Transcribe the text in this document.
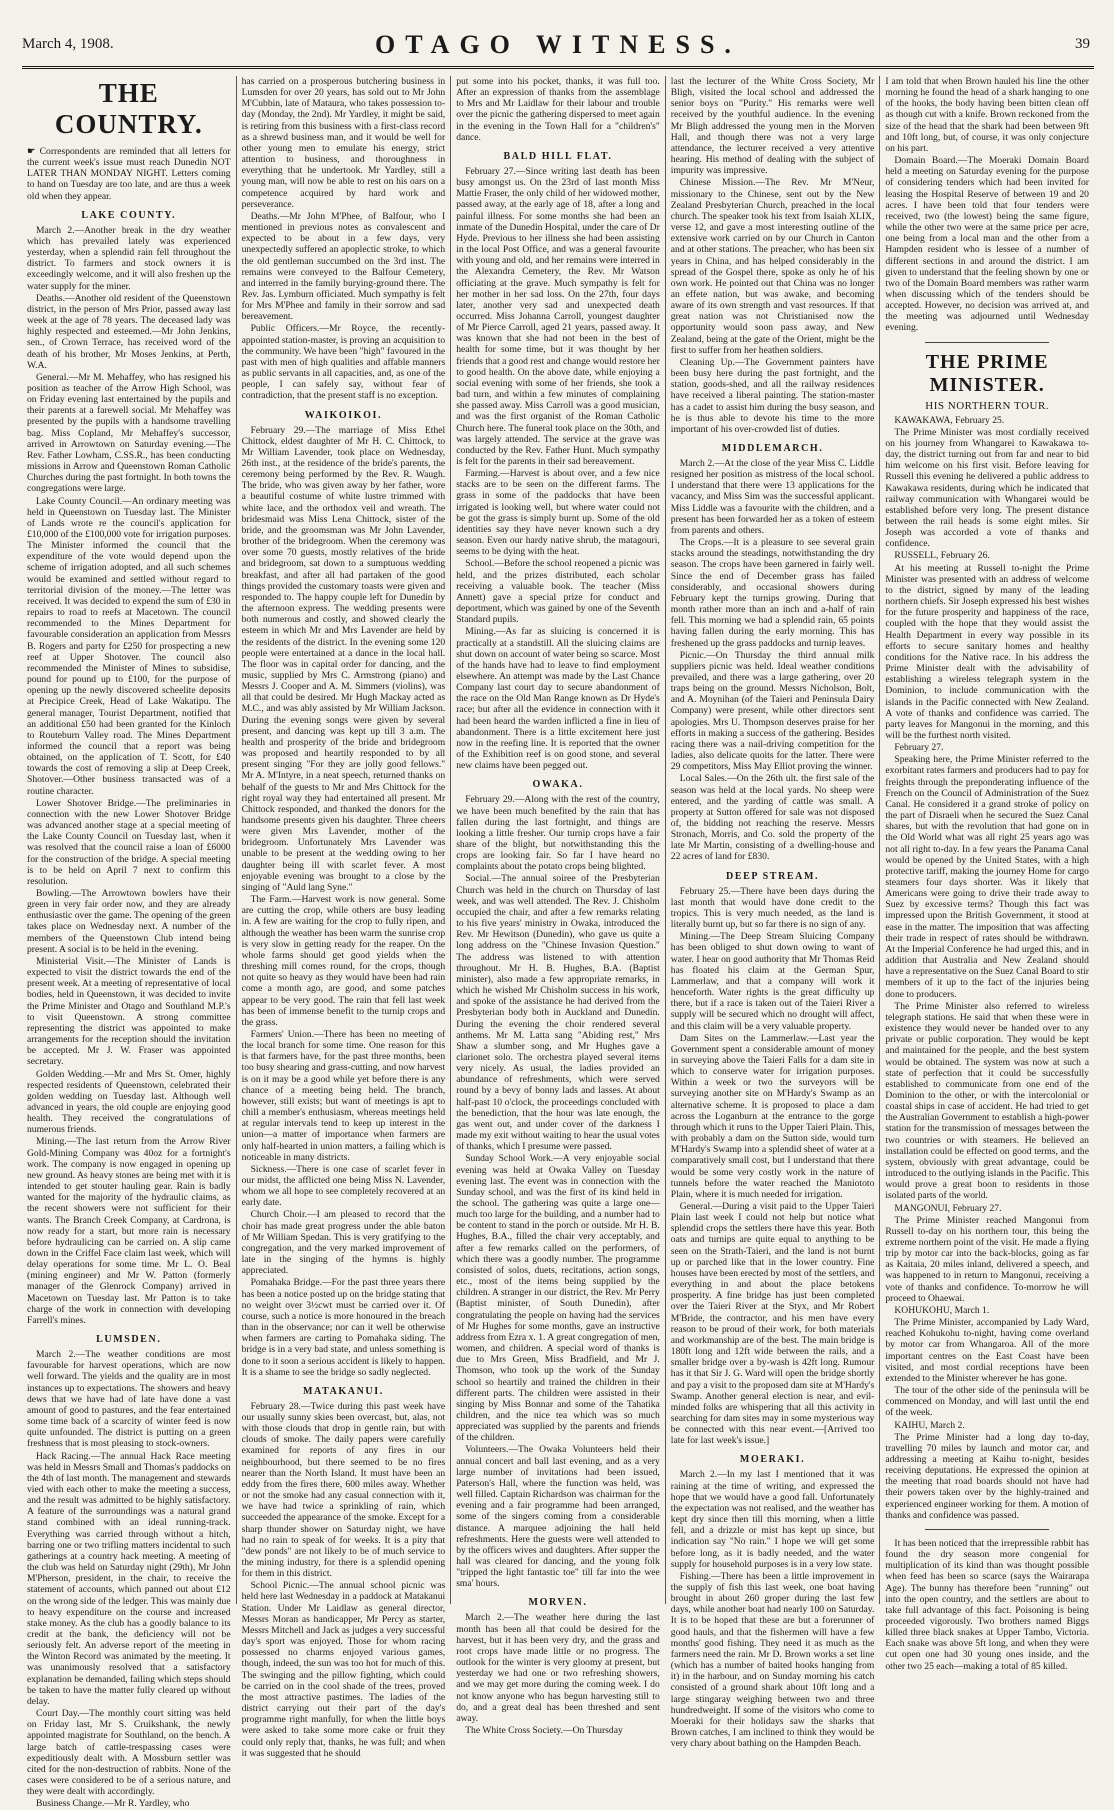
March 4, 1908.	OTAGO WITNESS.	39
THE COUNTRY.

☛ Correspondents are reminded that all letters for the current week's issue must reach Dunedin NOT LATER THAN MONDAY NIGHT. Letters coming to hand on Tuesday are too late, and are thus a week old when they appear.

LAKE COUNTY.

March 2.—Another break in the dry weather which has prevailed lately was experienced yesterday, when a splendid rain fell throughout the district. To farmers and stock owners it is exceedingly welcome, and it will also freshen up the water supply for the miner.

Deaths.—Another old resident of the Queenstown district, in the person of Mrs Prior, passed away last week at the age of 78 years. The deceased lady was highly respected and esteemed.—Mr John Jenkins, sen., of Crown Terrace, has received word of the death of his brother, Mr Moses Jenkins, at Perth, W.A.

General.—Mr M. Mehaffey, who has resigned his position as teacher of the Arrow High School, was on Friday evening last entertained by the pupils and their parents at a farewell social. Mr Mehaffey was presented by the pupils with a handsome travelling bag. Miss Copland, Mr Mehaffey's successor, arrived in Arrowtown on Saturday evening.—The Rev. Father Lowham, C.SS.R., has been conducting missions in Arrow and Queenstown Roman Catholic Churches during the past fortnight. In both towns the congregations were large.

Lake County Council.—An ordinary meeting was held in Queenstown on Tuesday last. The Minister of Lands wrote re the council's application for £10,000 of the £100,000 vote for irrigation purposes. The Minister informed the council that the expenditure of the vote would depend upon the scheme of irrigation adopted, and all such schemes would be examined and settled without regard to territorial division of the money.—The letter was received. It was decided to expend the sum of £30 in repairs to road to reefs at Macetown. The council recommended to the Mines Department for favourable consideration an application from Messrs B. Rogers and party for £250 for prospecting a new reef at Upper Shotover. The council also recommended the Minister of Mines to subsidise, pound for pound up to £100, for the purpose of opening up the newly discovered scheelite deposits at Precipice Creek, Head of Lake Wakatipu. The general manager, Tourist Department, notified that an additional £50 had been granted for the Kinloch to Routeburn Valley road. The Mines Department informed the council that a report was being obtained, on the application of T. Scott, for £40 towards the cost of removing a slip at Deep Creek, Shotover.—Other business transacted was of a routine character.

Lower Shotover Bridge.—The preliminaries in connection with the new Lower Shotover Bridge was advanced another stage at a special meeting of the Lake County Council on Tuesday last, when it was resolved that the council raise a loan of £6000 for the construction of the bridge. A special meeting is to be held on April 7 next to confirm this resolution.

Bowling.—The Arrowtown bowlers have their green in very fair order now, and they are already enthusiastic over the game. The opening of the green takes place on Wednesday next. A number of the members of the Queenstown Club intend being present. A social is to be held in the evening.

Ministerial Visit.—The Minister of Lands is expected to visit the district towards the end of the present week. At a meeting of representative of local bodies, held in Queenstown, it was decided to invite the Prime Minister and Otago and Southland M.P.'s to visit Queenstown. A strong committee representing the district was appointed to make arrangements for the reception should the invitation be accepted. Mr J. W. Fraser was appointed secretary.

Golden Wedding.—Mr and Mrs St. Omer, highly respected residents of Queenstown, celebrated their golden wedding on Tuesday last. Although well advanced in years, the old couple are enjoying good health. They received the congratulations of numerous friends.

Mining.—The last return from the Arrow River Gold-Mining Company was 40oz for a fortnight's work. The company is now engaged in opening up new ground. As heavy stones are being met with it is intended to get stouter hauling gear. Rain is badly wanted for the majority of the hydraulic claims, as the recent showers were not sufficient for their wants. The Branch Creek Company, at Cardrona, is now ready for a start, but more rain is necessary before hydraulicing can be carried on. A slip came down in the Criffel Face claim last week, which will delay operations for some time. Mr L. O. Beal (mining engineer) and Mr W. Patton (formerly manager of the Glenrock Company) arrived in Macetown on Tuesday last. Mr Patton is to take charge of the work in connection with developing Farrell's mines.

LUMSDEN.

March 2.—The weather conditions are most favourable for harvest operations, which are now well forward. The yields and the quality are in most instances up to expectations. The showers and heavy dews that we have had of late have done a vast amount of good to pastures, and the fear entertained some time back of a scarcity of winter feed is now quite unfounded. The district is putting on a green freshness that is most pleasing to stock-owners.

Hack Racing.—The annual Hack Race meeting was held in Messrs Small and Thomas's paddocks on the 4th of last month. The management and stewards vied with each other to make the meeting a success, and the result was admitted to be highly satisfactory. A feature of the surroundings was a natural grand stand combined with an ideal running-track. Everything was carried through without a hitch, barring one or two trifling matters incidental to such gatherings at a country hack meeting. A meeting of the club was held on Saturday night (29th), Mr John M'Pherson, president, in the chair, to receive the statement of accounts, which panned out about £12 on the wrong side of the ledger. This was mainly due to heavy expenditure on the course and increased stake money. As the club has a goodly balance to its credit at the bank, the deficiency will not be seriously felt. An adverse report of the meeting in the Winton Record was animated by the meeting. It was unanimously resolved that a satisfactory explanation be demanded, failing which steps should be taken to have the matter fully cleared up without delay.

Court Day.—The monthly court sitting was held on Friday last, Mr S. Cruikshank, the newly appointed magistrate for Southland, on the bench. A large batch of cattle-trespassing cases were expeditiously dealt with. A Mossburn settler was cited for the non-destruction of rabbits. None of the cases were considered to be of a serious nature, and they were dealt with accordingly.

Business Change.—Mr R. Yardley, who

has carried on a prosperous butchering business in Lumsden for over 20 years, has sold out to Mr John M'Cubbin, late of Mataura, who takes possession to-day (Monday, the 2nd). Mr Yardley, it might be said, is retiring from this business with a first-class record as a shrewd business man, and it would be well for other young men to emulate his energy, strict attention to business, and thoroughness in everything that he undertook. Mr Yardley, still a young man, will now be able to rest on his oars on a competence acquired by hard work and perseverance.

Deaths.—Mr John M'Phee, of Balfour, who I mentioned in previous notes as convalescent and expected to be about in a few days, very unexpectedly suffered an apoplectic stroke, to which the old gentleman succumbed on the 3rd inst. The remains were conveyed to the Balfour Cemetery, and interred in the family burying-ground there. The Rev. Jas. Lymburn officiated. Much sympathy is felt for Mrs M'Phee and family in their sorrow and sad bereavement.

Public Officers.—Mr Royce, the recently-appointed station-master, is proving an acquisition to the community. We have been "high" favoured in the past with men of high qualities and affable manners as public servants in all capacities, and, as one of the people, I can safely say, without fear of contradiction, that the present staff is no exception.

WAIKOIKOI.

February 29.—The marriage of Miss Ethel Chittock, eldest daughter of Mr H. C. Chittock, to Mr William Lavender, took place on Wednesday, 26th inst., at the residence of the bride's parents, the ceremony being performed by the Rev. R. Waugh. The bride, who was given away by her father, wore a beautiful costume of white lustre trimmed with white lace, and the orthodox veil and wreath. The bridesmaid was Miss Lena Chittock, sister of the bride, and the groomsman was Mr John Lavender, brother of the bridegroom. When the ceremony was over some 70 guests, mostly relatives of the bride and bridegroom, sat down to a sumptuous wedding breakfast, and after all had partaken of the good things provided the customary toasts were given and responded to. The happy couple left for Dunedin by the afternoon express. The wedding presents were both numerous and costly, and showed clearly the esteem in which Mr and Mrs Lavender are held by the residents of the district. In the evening some 120 people were entertained at a dance in the local hall. The floor was in capital order for dancing, and the music, supplied by Mrs C. Armstrong (piano) and Messrs J. Cooper and A. M. Simmers (violins), was all that could be desired. Mr Hugh Mackay acted as M.C., and was ably assisted by Mr William Jackson. During the evening songs were given by several present, and dancing was kept up till 3 a.m. The health and prosperity of the bride and bridegroom was proposed and heartily responded to by all present singing "For they are jolly good fellows." Mr A. M'Intyre, in a neat speech, returned thanks on behalf of the guests to Mr and Mrs Chittock for the right royal way they had entertained all present. Mr Chittock responded, and thanked the donors for the handsome presents given his daughter. Three cheers were given Mrs Lavender, mother of the bridegroom. Unfortunately Mrs Lavender was unable to be present at the wedding owing to her daughter being ill with scarlet fever. A most enjoyable evening was brought to a close by the singing of "Auld lang Syne."

The Farm.—Harvest work is now general. Some are cutting the crop, while others are busy leading in. A few are waiting for the crop to fully ripen, and although the weather has been warm the sunrise crop is very slow in getting ready for the reaper. On the whole farms should get good yields when the threshing mill comes round, for the crops, though not quite so heavy as they would have been had rain come a month ago, are good, and some patches appear to be very good. The rain that fell last week has been of immense benefit to the turnip crops and the grass.

Farmers' Union.—There has been no meeting of the local branch for some time. One reason for this is that farmers have, for the past three months, been too busy shearing and grass-cutting, and now harvest is on it may be a good while yet before there is any chance of a meeting being held. The branch, however, still exists; but want of meetings is apt to chill a member's enthusiasm, whereas meetings held at regular intervals tend to keep up interest in the union—a matter of importance when farmers are only half-hearted in union matters, a failing which is noticeable in many districts.

Sickness.—There is one case of scarlet fever in our midst, the afflicted one being Miss N. Lavender, whom we all hope to see completely recovered at an early date.

Church Choir.—I am pleased to record that the choir has made great progress under the able baton of Mr William Spedan. This is very gratifying to the congregation, and the very marked improvement of late in the singing of the hymns is highly appreciated.

Pomahaka Bridge.—For the past three years there has been a notice posted up on the bridge stating that no weight over 3½cwt must be carried over it. Of course, such a notice is more honoured in the breach than in the observance; nor can it well be otherwise when farmers are carting to Pomahaka siding. The bridge is in a very bad state, and unless something is done to it soon a serious accident is likely to happen. It is a shame to see the bridge so sadly neglected.

MATAKANUI.

February 28.—Twice during this past week have our usually sunny skies been overcast, but, alas, not with those clouds that drop in gentle rain, but with clouds of smoke. The daily papers were carefully examined for reports of any fires in our neighbourhood, but there seemed to be no fires nearer than the North Island. It must have been an eddy from the fires there, 600 miles away. Whether or not the smoke had any casual connection with it, we have had twice a sprinkling of rain, which succeeded the appearance of the smoke. Except for a sharp thunder shower on Saturday night, we have had no rain to speak of for weeks. It is a pity that "dew ponds" are not likely to be of much service to the mining industry, for there is a splendid opening for them in this district.

School Picnic.—The annual school picnic was held here last Wednesday in a paddock at Matakanui Station. Under Mr Laidlaw as general director, Messrs Moran as handicapper, Mr Percy as starter, Messrs Mitchell and Jack as judges a very successful day's sport was enjoyed. Those for whom racing possessed no charms enjoyed various games, though, indeed, the sun was too hot for much of this. The swinging and the pillow fighting, which could be carried on in the cool shade of the trees, proved the most attractive pastimes. The ladies of the district carrying out their part of the day's programme right manfully, for when the little boys were asked to take some more cake or fruit they could only reply that, thanks, he was full; and when it was suggested that he should

put some into his pocket, thanks, it was full too. After an expression of thanks from the assemblage to Mrs and Mr Laidlaw for their labour and trouble over the picnic the gathering dispersed to meet again in the evening in the Town Hall for a "children's" dance.

BALD HILL FLAT.

February 27.—Since writing last death has been busy amongst us. On the 23rd of last month Miss Mattie Fraser, the only child of her widowed mother, passed away, at the early age of 18, after a long and painful illness. For some months she had been an inmate of the Dunedin Hospital, under the care of Dr Hyde. Previous to her illness she had been assisting in the local Post Office, and was a general favourite with young and old, and her remains were interred in the Alexandra Cemetery, the Rev. Mr Watson officiating at the grave. Much sympathy is felt for her mother in her sad loss. On the 27th, four days later, another very sad and unexpected death occurred. Miss Johanna Carroll, youngest daughter of Mr Pierce Carroll, aged 21 years, passed away. It was known that she had not been in the best of health for some time, but it was thought by her friends that a good rest and change would restore her to good health. On the above date, while enjoying a social evening with some of her friends, she took a bad turn, and within a few minutes of complaining she passed away. Miss Carroll was a good musician, and was the first organist of the Roman Catholic Church here. The funeral took place on the 30th, and was largely attended. The service at the grave was conducted by the Rev. Father Hunt. Much sympathy is felt for the parents in their sad bereavement.

Farming.—Harvest is about over, and a few nice stacks are to be seen on the different farms. The grass in some of the paddocks that have been irrigated is looking well, but where water could not be got the grass is simply burnt up. Some of the old identities say they have never known such a dry season. Even our hardy native shrub, the matagouri, seems to be dying with the heat.

School.—Before the school reopened a picnic was held, and the prizes distributed, each scholar receiving a valuable book. The teacher (Miss Annett) gave a special prize for conduct and deportment, which was gained by one of the Seventh Standard pupils.

Mining.—As far as sluicing is concerned it is practically at a standstill. All the sluicing claims are shut down on account of water being so scarce. Most of the hands have had to leave to find employment elsewhere. An attempt was made by the Last Chance Company last court day to secure abandonment of the race on the Old Man Range known as Dr Hyde's race; but after all the evidence in connection with it had been heard the warden inflicted a fine in lieu of abandonment. There is a little excitement here just now in the reefing line. It is reported that the owner of the Exhibition reef is on good stone, and several new claims have been pegged out.

OWAKA.

February 29.—Along with the rest of the country, we have been much benefited by the rain that has fallen during the last fortnight, and things are looking a little fresher. Our turnip crops have a fair share of the blight, but notwithstanding this the crops are looking fair. So far I have heard no complaints about the potato crops being blighted.

Social.—The annual soiree of the Presbyterian Church was held in the church on Thursday of last week, and was well attended. The Rev. J. Chisholm occupied the chair, and after a few remarks relating to his five years' ministry in Owaka, introduced the Rev. Mr Hewitson (Dunedin), who gave us quite a long address on the "Chinese Invasion Question." The address was listened to with attention throughout. Mr H. B. Hughes, B.A. (Baptist minister), also made a few appropriate remarks, in which he wished Mr Chisholm success in his work, and spoke of the assistance he had derived from the Presbyterian body both in Auckland and Dunedin. During the evening the choir rendered several anthems. Mr M. Latta sang "Abiding rest," Mrs Shaw a slumber song, and Mr Hughes gave a clarionet solo. The orchestra played several items very nicely. As usual, the ladies provided an abundance of refreshments, which were served round by a bevy of bonny lads and lasses. At about half-past 10 o'clock, the proceedings concluded with the benediction, that the hour was late enough, the gas went out, and under cover of the darkness I made my exit without waiting to hear the usual votes of thanks, which I presume were passed.

Sunday School Work.—A very enjoyable social evening was held at Owaka Valley on Tuesday evening last. The event was in connection with the Sunday school, and was the first of its kind held in the school. The gathering was quite a large one—much too large for the building, and a number had to be content to stand in the porch or outside. Mr H. B. Hughes, B.A., filled the chair very acceptably, and after a few remarks called on the performers, of which there was a goodly number. The programme consisted of solos, duets, recitations, action songs, etc., most of the items being supplied by the children. A stranger in our district, the Rev. Mr Perry (Baptist minister, of South Dunedin), after congratulating the people on having had the services of Mr Hughes for some months, gave an instructive address from Ezra x. 1. A great congregation of men, women, and children. A special word of thanks is due to Mrs Green, Miss Bradfield, and Mr J. Thomson, who took up the work of the Sunday school so heartily and trained the children in their different parts. The children were assisted in their singing by Miss Bonnar and some of the Tahatika children, and the nice tea which was so much appreciated was supplied by the parents and friends of the children.

Volunteers.—The Owaka Volunteers held their annual concert and ball last evening, and as a very large number of invitations had been issued, Paterson's Hall, where the function was held, was well filled. Captain Richardson was chairman for the evening and a fair programme had been arranged, some of the singers coming from a considerable distance. A marquee adjoining the hall held refreshments. Here the guests were well attended to by the officers wives and daughters. After supper the hall was cleared for dancing, and the young folk "tripped the light fantastic toe" till far into the wee sma' hours.

MORVEN.

March 2.—The weather here during the last month has been all that could be desired for the harvest, but it has been very dry, and the grass and root crops have made little or no progress. The outlook for the winter is very gloomy at present, but yesterday we had one or two refreshing showers, and we may get more during the coming week. I do not know anyone who has begun harvesting still to do, and a great deal has been threshed and sent away.

The White Cross Society.—On Thursday

last the lecturer of the White Cross Society, Mr Bligh, visited the local school and addressed the senior boys on "Purity." His remarks were well received by the youthful audience. In the evening Mr Bligh addressed the young men in the Morven Hall, and though there was not a very large attendance, the lecturer received a very attentive hearing. His method of dealing with the subject of impurity was impressive.

Chinese Mission.—The Rev. Mr M'Neur, missionary to the Chinese, sent out by the New Zealand Presbyterian Church, preached in the local church. The speaker took his text from Isaiah XLIX, verse 12, and gave a most interesting outline of the extensive work carried on by our Church in Canton and at other stations. The preacher, who has been six years in China, and has helped considerably in the spread of the Gospel there, spoke as only he of his own work. He pointed out that China was no longer an effete nation, but was awake, and becoming aware of its own strength and vast resources. If that great nation was not Christianised now the opportunity would soon pass away, and New Zealand, being at the gate of the Orient, might be the first to suffer from her heathen soldiers.

Cleaning Up.—The Government painters have been busy here during the past fortnight, and the station, goods-shed, and all the railway residences have received a liberal painting. The station-master has a cadet to assist him during the busy season, and he is thus able to devote his time to the more important of his over-crowded list of duties.

MIDDLEMARCH.

March 2.—At the close of the year Miss C. Liddle resigned her position as mistress of the local school. I understand that there were 13 applications for the vacancy, and Miss Sim was the successful applicant. Miss Liddle was a favourite with the children, and a present has been forwarded her as a token of esteem from parents and others.

The Crops.—It is a pleasure to see several grain stacks around the steadings, notwithstanding the dry season. The crops have been garnered in fairly well. Since the end of December grass has failed considerably, and occasional showers during February kept the turnips growing. During that month rather more than an inch and a-half of rain fell. This morning we had a splendid rain, 65 points having fallen during the early morning. This has freshened up the grass paddocks and turnip leaves.

Picnic.—On Thursday the third annual milk suppliers picnic was held. Ideal weather conditions prevailed, and there was a large gathering, over 20 traps being on the ground. Messrs Nicholson, Bolt, and A. Moynihan (of the Taieri and Peninsula Dairy Company) were present, while other directors sent apologies. Mrs U. Thompson deserves praise for her efforts in making a success of the gathering. Besides racing there was a nail-driving competition for the ladies, also delicate quoits for the latter. There were 29 competitors, Miss May Elliot proving the winner.

Local Sales.—On the 26th ult. the first sale of the season was held at the local yards. No sheep were entered, and the yarding of cattle was small. A property at Sutton offered for sale was not disposed of, the bidding not reaching the reserve. Messrs Stronach, Morris, and Co. sold the property of the late Mr Martin, consisting of a dwelling-house and 22 acres of land for £830.

DEEP STREAM.

February 25.—There have been days during the last month that would have done credit to the tropics. This is very much needed, as the land is literally burnt up, but so far there is no sign of any.

Mining.—The Deep Stream Sluicing Company has been obliged to shut down owing to want of water. I hear on good authority that Mr Thomas Reid has floated his claim at the German Spur, Lammerlaw, and that a company will work it henceforth. Water rights is the great difficulty up there, but if a race is taken out of the Taieri River a supply will be secured which no drought will affect, and this claim will be a very valuable property.

Dam Sites on the Lammerlaw.—Last year the Government spent a considerable amount of money in surveying above the Taieri Falls for a dam site in which to conserve water for irrigation purposes. Within a week or two the surveyors will be surveying another site on M'Hardy's Swamp as an alternative scheme. It is proposed to place a dam across the Loganburn at the entrance to the gorge through which it runs to the Upper Taieri Plain. This, with probably a dam on the Sutton side, would turn M'Hardy's Swamp into a splendid sheet of water at a comparatively small cost, but I understand that there would be some very costly work in the nature of tunnels before the water reached the Maniototo Plain, where it is much needed for irrigation.

General.—During a visit paid to the Upper Taieri Plain last week I could not help but notice what splendid crops the settlers there have this year. Both oats and turnips are quite equal to anything to be seen on the Strath-Taieri, and the land is not burnt up or parched like that in the lower country. Fine houses have been erected by most of the settlers, and everything in and about the place betokens prosperity. A fine bridge has just been completed over the Taieri River at the Styx, and Mr Robert M'Bride, the contractor, and his men have every reason to be proud of their work, for both materials and workmanship are of the best. The main bridge is 180ft long and 12ft wide between the rails, and a smaller bridge over a by-wash is 42ft long. Rumour has it that Sir J. G. Ward will open the bridge shortly and pay a visit to the proposed dam site at M'Hardy's Swamp. Another general election is near, and evil-minded folks are whispering that all this activity in searching for dam sites may in some mysterious way be connected with this near event.—[Arrived too late for last week's issue.]

MOERAKI.

March 2.—In my last I mentioned that it was raining at the time of writing, and expressed the hope that we would have a good fall. Unfortunately the expectation was not realised, and the weather has kept dry since then till this morning, when a little fell, and a drizzle or mist has kept up since, but indication say "No rain." I hope we will get some before long, as it is badly needed, and the water supply for household purposes is in a very low state.

Fishing.—There has been a little improvement in the supply of fish this last week, one boat having brought in about 260 groper during the last few days, while another boat had nearly 100 on Saturday. It is to be hoped that these are but a forerunner of good hauls, and that the fishermen will have a few months' good fishing. They need it as much as the farmers need the rain. Mr D. Brown works a set line (which has a number of baited hooks hanging from it) in the harbour, and on Sunday morning his catch consisted of a ground shark about 10ft long and a large stingaray weighing between two and three hundredweight. If some of the visitors who come to Moeraki for their holidays saw the sharks that Brown catches, I am inclined to think they would be very chary about bathing on the Hampden Beach.

I am told that when Brown hauled his line the other morning he found the head of a shark hanging to one of the hooks, the body having been bitten clean off as though cut with a knife. Brown reckoned from the size of the head that the shark had been between 9ft and 10ft long, but, of course, it was only conjecture on his part.

Domain Board.—The Moeraki Domain Board held a meeting on Saturday evening for the purpose of considering tenders which had been invited for leasing the Hospital Reserve of between 19 and 20 acres. I have been told that four tenders were received, two (the lowest) being the same figure, while the other two were at the same price per acre, one being from a local man and the other from a Hampden resident who is lessee of a number of different sections in and around the district. I am given to understand that the feeling shown by one or two of the Domain Board members was rather warm when discussing which of the tenders should be accepted. However, no decision was arrived at, and the meeting was adjourned until Wednesday evening.

THE PRIME MINISTER.
HIS NORTHERN TOUR.

KAWAKAWA, February 25.

The Prime Minister was most cordially received on his journey from Whangarei to Kawakawa to-day, the district turning out from far and near to bid him welcome on his first visit. Before leaving for Russell this evening he delivered a public address to Kawakawa residents, during which he indicated that railway communication with Whangarei would be established before very long. The present distance between the rail heads is some eight miles. Sir Joseph was accorded a vote of thanks and confidence.

RUSSELL, February 26.

At his meeting at Russell to-night the Prime Minister was presented with an address of welcome to the district, signed by many of the leading northern chiefs. Sir Joseph expressed his best wishes for the future prosperity and happiness of the race, coupled with the hope that they would assist the Health Department in every way possible in its efforts to secure sanitary homes and healthy conditions for the Native race. In his address the Prime Minister dealt with the advisability of establishing a wireless telegraph system in the Dominion, to include communication with the islands in the Pacific connected with New Zealand. A vote of thanks and confidence was carried. The party leaves for Mangonui in the morning, and this will be the furthest north visited.

February 27.

Speaking here, the Prime Minister referred to the exorbitant rates farmers and producers had to pay for freights through the preponderating influence of the French on the Council of Administration of the Suez Canal. He considered it a grand stroke of policy on the part of Disraeli when he secured the Suez Canal shares, but with the revolution that had gone on in the Old World what was all right 25 years ago was not all right to-day. In a few years the Panama Canal would be opened by the United States, with a high protective tariff, making the journey Home for cargo steamers four days shorter. Was it likely that Americans were going to drive their trade away to Suez by excessive terms? Though this fact was impressed upon the British Government, it stood at ease in the matter. The imposition that was affecting their trade in respect of rates should be withdrawn. At the Imperial Conference he had urged this, and in addition that Australia and New Zealand should have a representative on the Suez Canal Board to stir members of it up to the fact of the injuries being done to producers.

The Prime Minister also referred to wireless telegraph stations. He said that when these were in existence they would never be handed over to any private or public corporation. They would be kept and maintained for the people, and the best system would be obtained. The system was now at such a state of perfection that it could be successfully established to communicate from one end of the Dominion to the other, or with the intercolonial or coastal ships in case of accident. He had tried to get the Australian Government to establish a high-power station for the transmission of messages between the two countries or with steamers. He believed an installation could be effected on good terms, and the system, obviously with great advantage, could be introduced to the outlying islands in the Pacific. This would prove a great boon to residents in those isolated parts of the world.

MANGONUI, February 27.

The Prime Minister reached Mangonui from Russell to-day on his northern tour, this being the extreme northern point of the visit. He made a flying trip by motor car into the back-blocks, going as far as Kaitaia, 20 miles inland, delivered a speech, and was happened to in return to Mangonui, receiving a vote of thanks and confidence. To-morrow he will proceed to Ohaewai.

KOHUKOHU, March 1.

The Prime Minister, accompanied by Lady Ward, reached Kohukohu to-night, having come overland by motor car from Whangaroa. All of the more important centres on the East Coast have been visited, and most cordial receptions have been extended to the Minister wherever he has gone.

The tour of the other side of the peninsula will be commenced on Monday, and will last until the end of the week.

KAIHU, March 2.

The Prime Minister had a long day to-day, travelling 70 miles by launch and motor car, and addressing a meeting at Kaihu to-night, besides receiving deputations. He expressed the opinion at the meeting that road boards should not have had their powers taken over by the highly-trained and experienced engineer working for them. A motion of thanks and confidence was passed.

It has been noticed that the irrepressible rabbit has found the dry season more congenial for multiplication of its kind than was thought possible when feed has been so scarce (says the Wairarapa Age). The bunny has therefore been "running" out into the open country, and the settlers are about to take full advantage of this fact. Poisoning is being proceeded vigorously. Two brothers named Biggs killed three black snakes at Upper Tambo, Victoria. Each snake was above 5ft long, and when they were cut open one had 30 young ones inside, and the other two 25 each—making a total of 85 killed.
